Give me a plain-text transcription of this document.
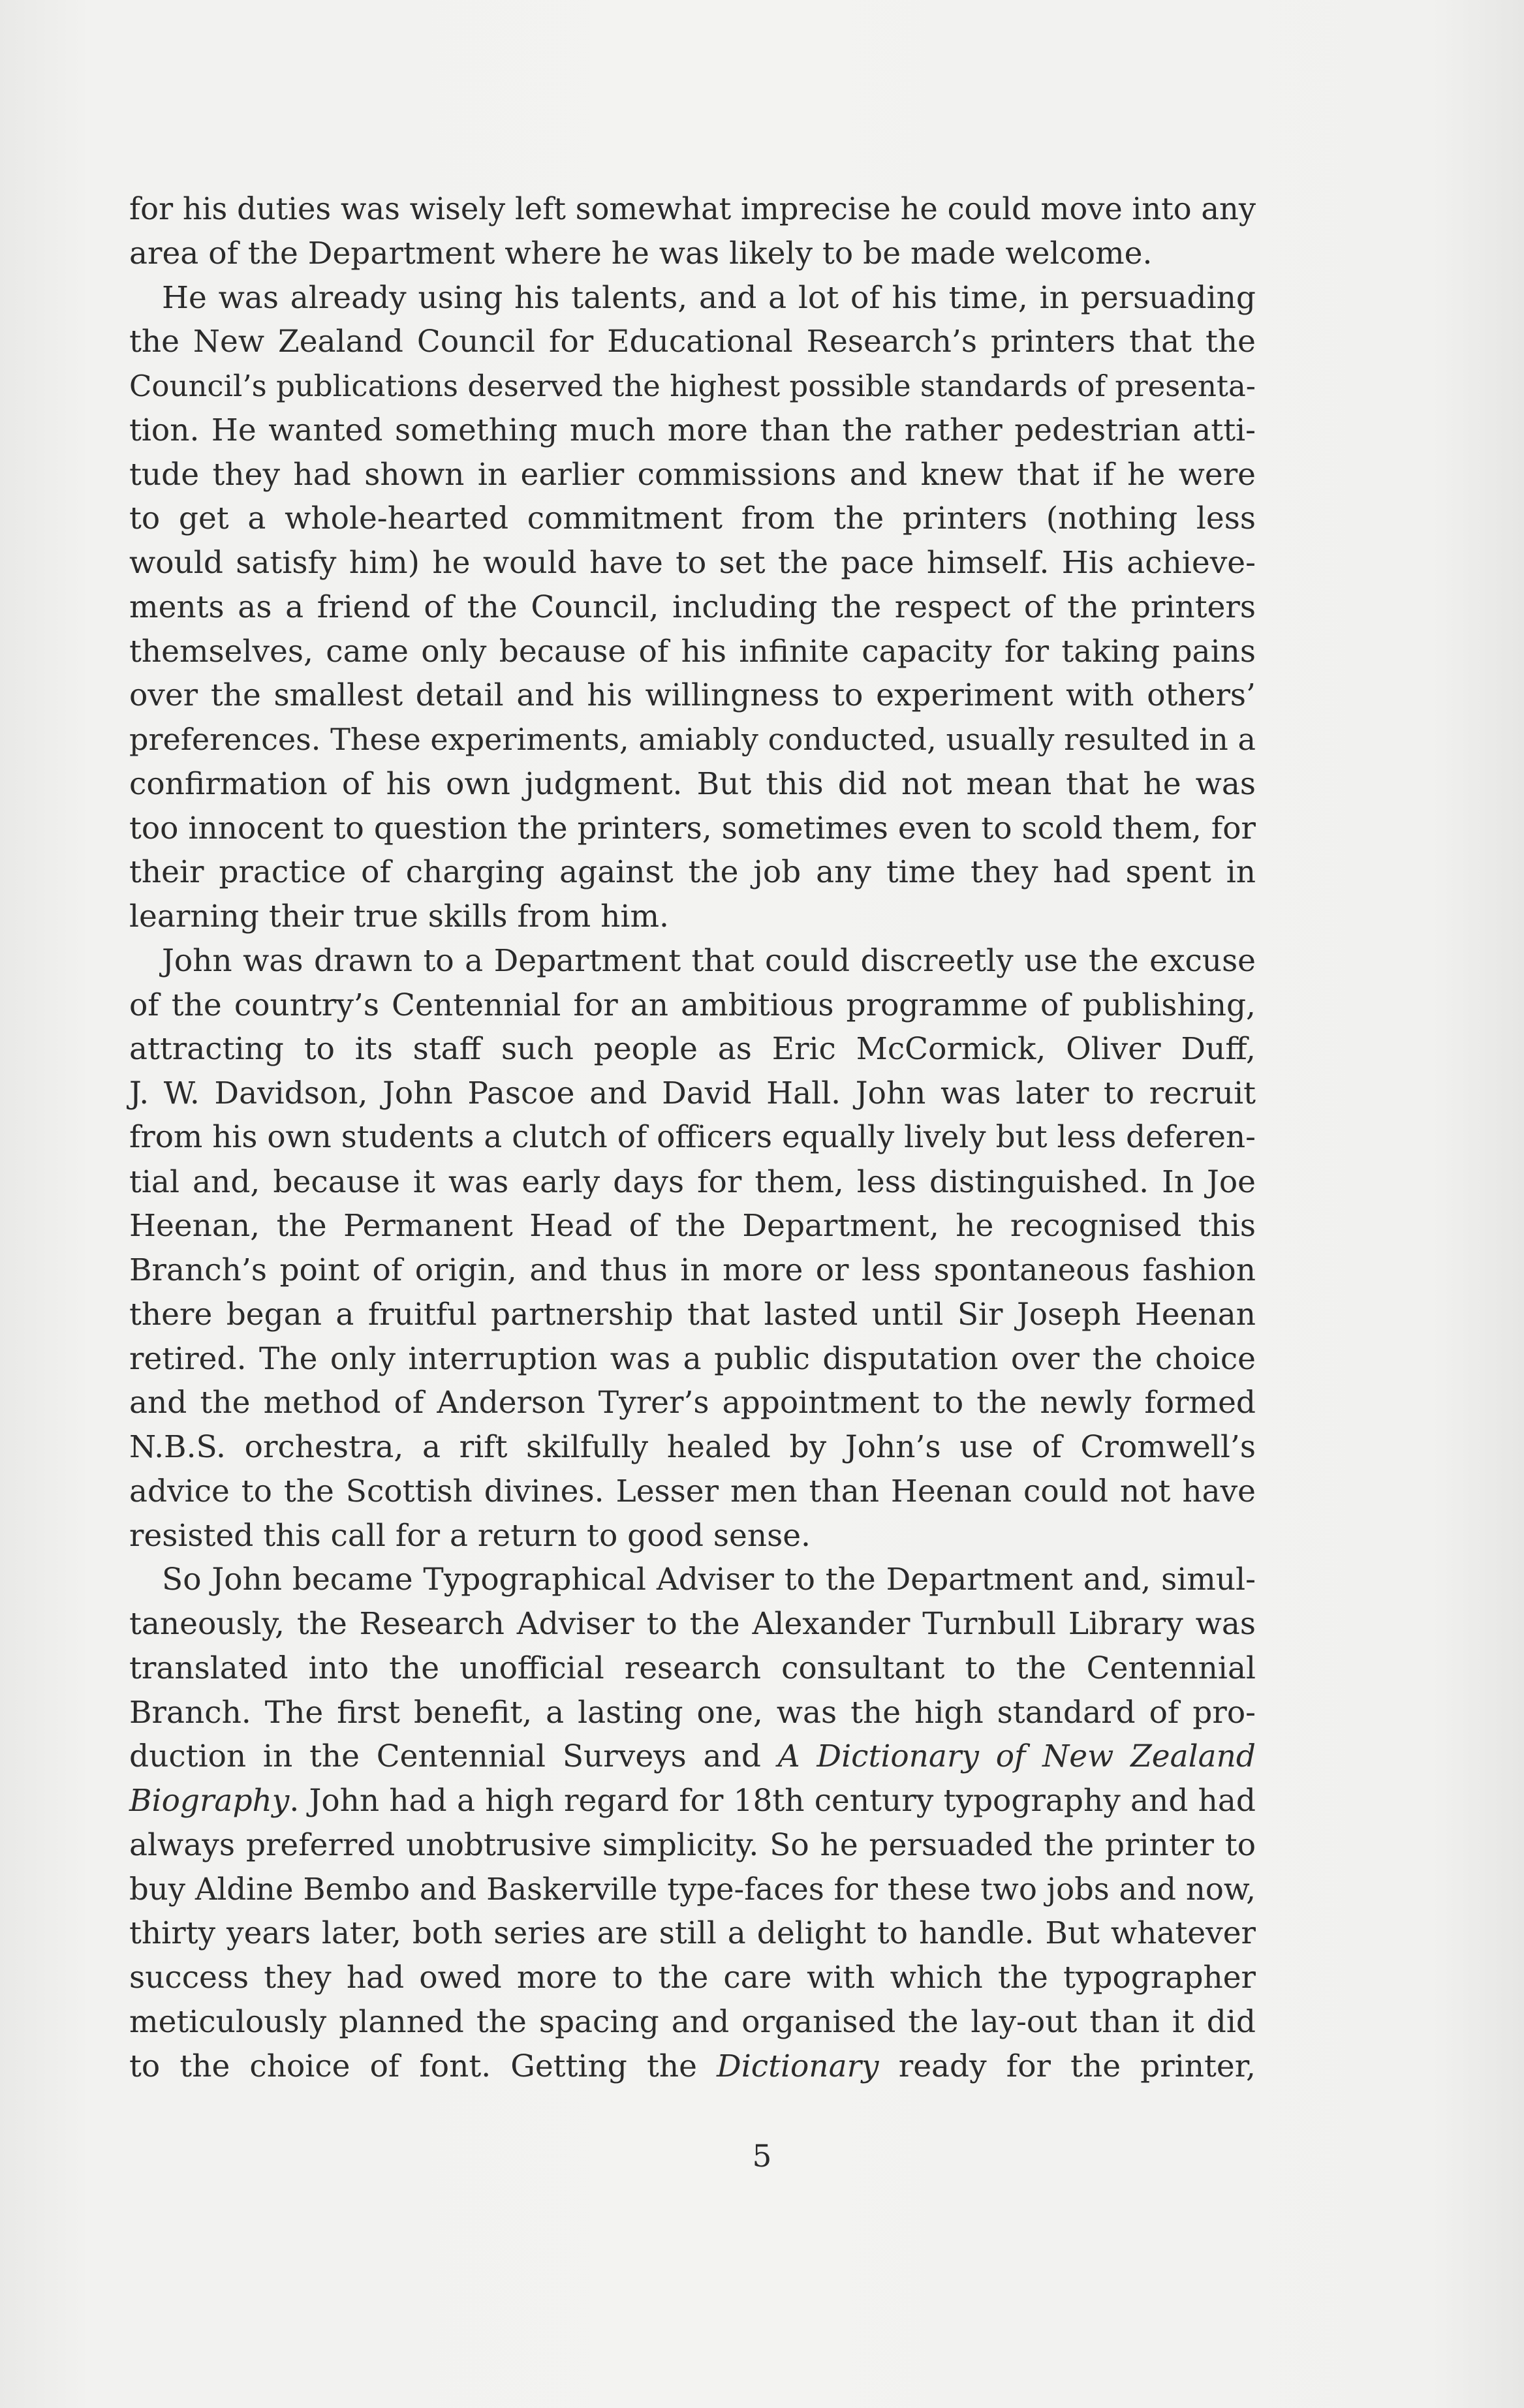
for his duties was wisely left somewhat imprecise he could move into any
area of the Department where he was likely to be made welcome.
He was already using his talents, and a lot of his time, in persuading
the New Zealand Council for Educational Research’s printers that the
Council’s publications deserved the highest possible standards of presenta-
tion. He wanted something much more than the rather pedestrian atti-
tude they had shown in earlier commissions and knew that if he were
to get a whole-hearted commitment from the printers (nothing less
would satisfy him) he would have to set the pace himself. His achieve-
ments as a friend of the Council, including the respect of the printers
themselves, came only because of his infinite capacity for taking pains
over the smallest detail and his willingness to experiment with others’
preferences. These experiments, amiably conducted, usually resulted in a
confirmation of his own judgment. But this did not mean that he was
too innocent to question the printers, sometimes even to scold them, for
their practice of charging against the job any time they had spent in
learning their true skills from him.
John was drawn to a Department that could discreetly use the excuse
of the country’s Centennial for an ambitious programme of publishing,
attracting to its staff such people as Eric McCormick, Oliver Duff,
J. W. Davidson, John Pascoe and David Hall. John was later to recruit
from his own students a clutch of officers equally lively but less deferen-
tial and, because it was early days for them, less distinguished. In Joe
Heenan, the Permanent Head of the Department, he recognised this
Branch’s point of origin, and thus in more or less spontaneous fashion
there began a fruitful partnership that lasted until Sir Joseph Heenan
retired. The only interruption was a public disputation over the choice
and the method of Anderson Tyrer’s appointment to the newly formed
N.B.S. orchestra, a rift skilfully healed by John’s use of Cromwell’s
advice to the Scottish divines. Lesser men than Heenan could not have
resisted this call for a return to good sense.
So John became Typographical Adviser to the Department and, simul-
taneously, the Research Adviser to the Alexander Turnbull Library was
translated into the unofficial research consultant to the Centennial
Branch. The first benefit, a lasting one, was the high standard of pro-
duction in the Centennial Surveys and A Dictionary of New Zealand
Biography. John had a high regard for 18th century typography and had
always preferred unobtrusive simplicity. So he persuaded the printer to
buy Aldine Bembo and Baskerville type-faces for these two jobs and now,
thirty years later, both series are still a delight to handle. But whatever
success they had owed more to the care with which the typographer
meticulously planned the spacing and organised the lay-out than it did
to the choice of font. Getting the Dictionary ready for the printer,
5
